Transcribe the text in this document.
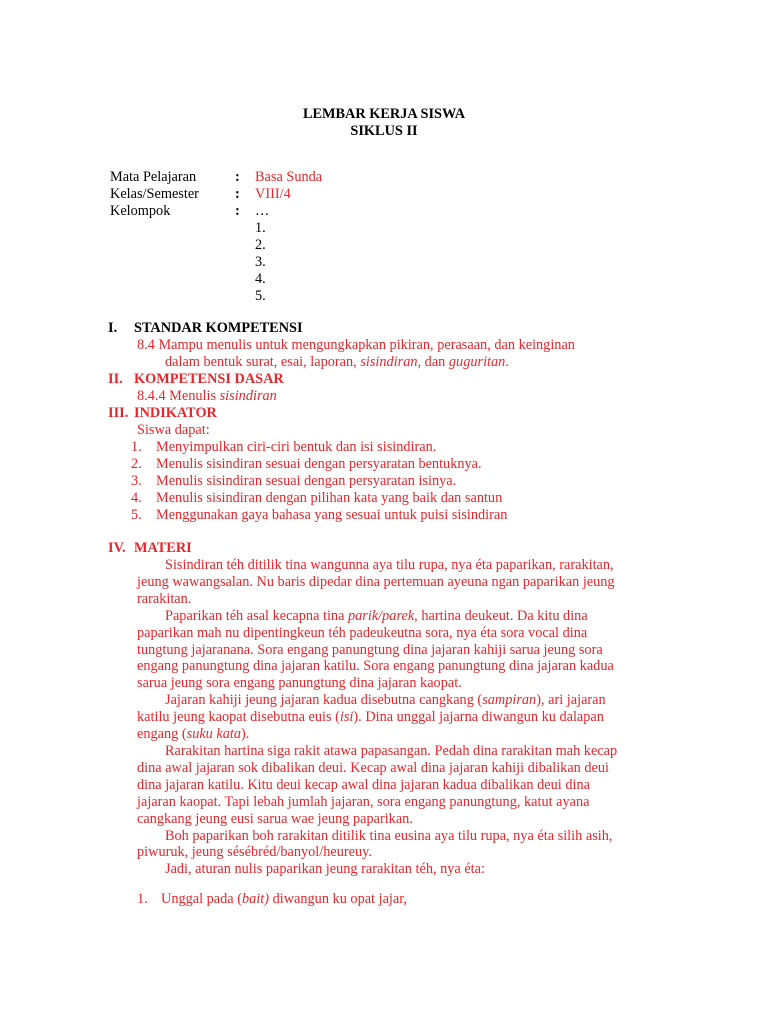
LEMBAR KERJA SISWA
SIKLUS II
Mata Pelajaran	: Basa Sunda
Kelas/Semester	: VIII/4
Kelompok	: …
1.
2.
3.
4.
5.
I. STANDAR KOMPETENSI
8.4 Mampu menulis untuk mengungkapkan pikiran, perasaan, dan keinginan
dalam bentuk surat, esai, laporan, sisindiran, dan guguritan.
II. KOMPETENSI DASAR
8.4.4 Menulis sisindiran
III. INDIKATOR
Siswa dapat:
1. Menyimpulkan ciri-ciri bentuk dan isi sisindiran.
2. Menulis sisindiran sesuai dengan persyaratan bentuknya.
3. Menulis sisindiran sesuai dengan persyaratan isinya.
4. Menulis sisindiran dengan pilihan kata yang baik dan santun
5. Menggunakan gaya bahasa yang sesuai untuk puisi sisindiran
IV. MATERI

Sisindiran téh ditilik tina wangunna aya tilu rupa, nya éta paparikan, rarakitan, jeung wawangsalan. Nu baris dipedar dina pertemuan ayeuna ngan paparikan jeung rarakitan.

Paparikan téh asal kecapna tina parik/parek, hartina deukeut. Da kitu dina paparikan mah nu dipentingkeun téh padeukeutna sora, nya éta sora vocal dina tungtung jajaranana. Sora engang panungtung dina jajaran kahiji sarua jeung sora engang panungtung dina jajaran katilu. Sora engang panungtung dina jajaran kadua sarua jeung sora engang panungtung dina jajaran kaopat.

Jajaran kahiji jeung jajaran kadua disebutna cangkang (sampiran), ari jajaran katilu jeung kaopat disebutna euis (isi). Dina unggal jajarna diwangun ku dalapan engang (suku kata).

Rarakitan hartina siga rakit atawa papasangan. Pedah dina rarakitan mah kecap dina awal jajaran sok dibalikan deui. Kecap awal dina jajaran kahiji dibalikan deui dina jajaran katilu. Kitu deui kecap awal dina jajaran kadua dibalikan deui dina jajaran kaopat. Tapi lebah jumlah jajaran, sora engang panungtung, katut ayana cangkang jeung eusi sarua wae jeung paparikan.

Boh paparikan boh rarakitan ditilik tina eusina aya tilu rupa, nya éta silih asih, piwuruk, jeung sésébréd/banyol/heureuy.

Jadi, aturan nulis paparikan jeung rarakitan téh, nya éta:

1. Unggal pada (bait) diwangun ku opat jajar,
